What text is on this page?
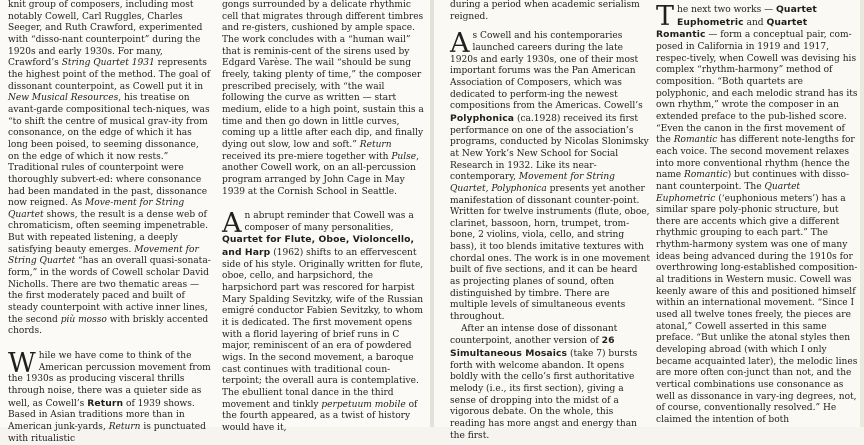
knit group of composers, including most notably Cowell, Carl Ruggles, Charles Seeger, and Ruth Crawford, experimented with “disso-nant counterpoint” during the 1920s and early 1930s. For many, Crawford’s String Quartet 1931 represents the highest point of the method. The goal of dissonant counterpoint, as Cowell put it in New Musical Resources, his treatise on avant-garde compositional tech-niques, was “to shift the centre of musical grav-ity from consonance, on the edge of which it has long been poised, to seeming dissonance, on the edge of which it now rests.” Traditional rules of counterpoint were thoroughly subvert-ed: where consonance had been mandated in the past, dissonance now reigned. As Move-ment for String Quartet shows, the result is a dense web of chromaticism, often seeming impenetrable. But with repeated listening, a deeply satisfying beauty emerges. Movement for String Quartet “has an overall quasi-sonata-form,” in the words of Cowell scholar David Nicholls. There are two thematic areas — the first moderately paced and built of steady counterpoint with active inner lines, the second più mosso with briskly accented chords.

While we have come to think of the American percussion movement from the 1930s as producing visceral thrills through noise, there was a quieter side as well, as Cowell’s Return of 1939 shows. Based in Asian traditions more than in American junk-yards, Return is punctuated with ritualistic

gongs surrounded by a delicate rhythmic cell that migrates through different timbres and re-gisters, cushioned by ample space. The work concludes with a “human wail” that is reminis-cent of the sirens used by Edgard Varèse. The wail “should be sung freely, taking plenty of time,” the composer prescribed precisely, with “the wail following the curve as written — start medium, elide to a high point, sustain this a time and then go down in little curves, coming up a little after each dip, and finally dying out slow, low and soft.” Return received its pre-miere together with Pulse, another Cowell work, on an all-percussion program arranged by John Cage in May 1939 at the Cornish School in Seattle.

An abrupt reminder that Cowell was a composer of many personalities, Quartet for Flute, Oboe, Violoncello, and Harp (1962) shifts to an effervescent side of his style. Originally written for flute, oboe, cello, and harpsichord, the harpsichord part was rescored for harpist Mary Spalding Sevitzky, wife of the Russian emigré conductor Fabien Sevitzky, to whom it is dedicated. The first movement opens with a florid layering of brief runs in C major, reminiscent of an era of powdered wigs. In the second movement, a baroque cast continues with traditional coun-terpoint; the overall aura is contemplative. The ebullient tonal dance in the third movement and tinkly perpetuum mobile of the fourth appeared, as a twist of history would have it,

during a period when academic serialism reigned.

As Cowell and his contemporaries launched careers during the late 1920s and early 1930s, one of their most important forums was the Pan American Association of Composers, which was dedicated to perform-ing the newest compositions from the Americas. Cowell’s Polyphonica (ca.1928) received its first performance on one of the association’s programs, conducted by Nicolas Slonimsky at New York’s New School for Social Research in 1932. Like its near-contemporary, Movement for String Quartet, Polyphonica presents yet another manifestation of dissonant counter-point. Written for twelve instruments (flute, oboe, clarinet, bassoon, horn, trumpet, trom-bone, 2 violins, viola, cello, and string bass), it too blends imitative textures with chordal ones. The work is in one movement built of five sections, and it can be heard as projecting planes of sound, often distinguished by timbre. There are multiple levels of simultaneous events throughout.

After an intense dose of dissonant counterpoint, another version of 26 Simultaneous Mosaics (take 7) bursts forth with welcome abandon. It opens boldly with the cello’s first authoritative melody (i.e., its first section), giving a sense of dropping into the midst of a vigorous debate. On the whole, this reading has more angst and energy than the first.

The next two works — Quartet Euphometric and Quartet Romantic — form a conceptual pair, com-posed in California in 1919 and 1917, respec-tively, when Cowell was devising his complex “rhythm-harmony” method of composition. “Both quartets are polyphonic, and each melodic strand has its own rhythm,” wrote the composer in an extended preface to the pub-lished score. “Even the canon in the first movement of the Romantic has different note-lengths for each voice. The second movement relaxes into more conventional rhythm (hence the name Romantic) but continues with disso-nant counterpoint. The Quartet Euphometric (‘euphonious meters’) has a similar spare poly-phonic structure, but there are accents which give a different rhythmic grouping to each part.” The rhythm-harmony system was one of many ideas being advanced during the 1910s for overthrowing long-established composition-al traditions in Western music. Cowell was keenly aware of this and positioned himself within an international movement. “Since I used all twelve tones freely, the pieces are atonal,” Cowell asserted in this same preface. “But unlike the atonal styles then developing abroad (with which I only became acquainted later), the melodic lines are more often con-junct than not, and the vertical combinations use consonance as well as dissonance in vary-ing degrees, not, of course, conventionally resolved.” He claimed the intention of both
